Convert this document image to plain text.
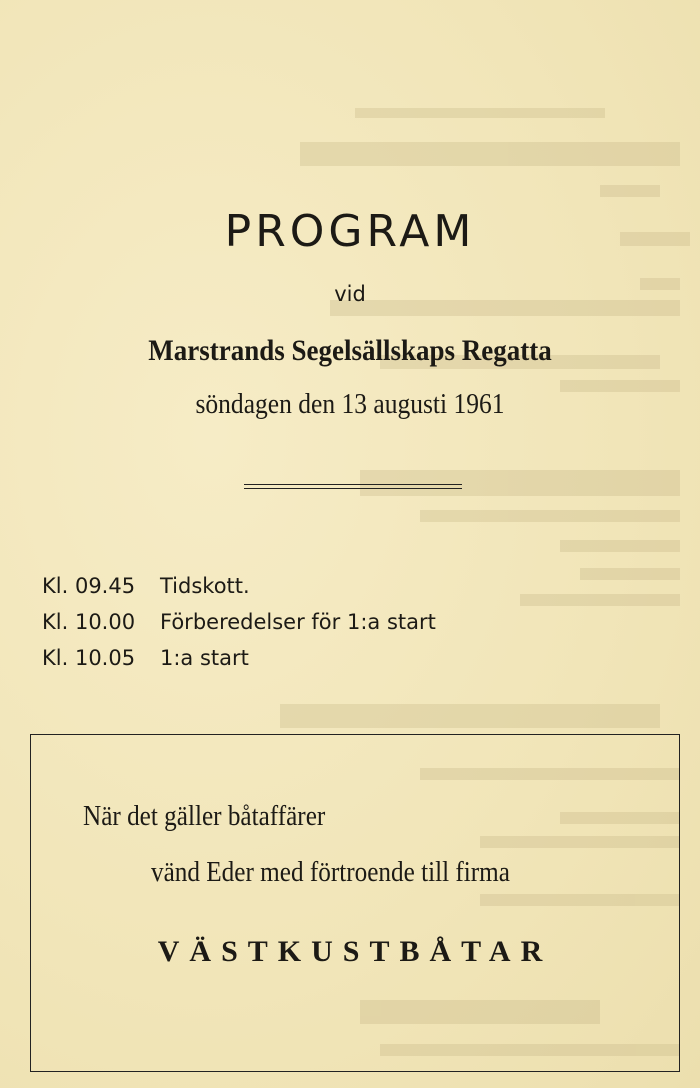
PROGRAM
vid
Marstrands Segelsällskaps Regatta
söndagen den 13 augusti 1961
Kl. 09.45 Tidskott.
Kl. 10.00 Förberedelser för 1:a start
Kl. 10.05 1:a start
När det gäller båtaffärer
vänd Eder med förtroende till firma
VÄSTKUSTBÅTAR
